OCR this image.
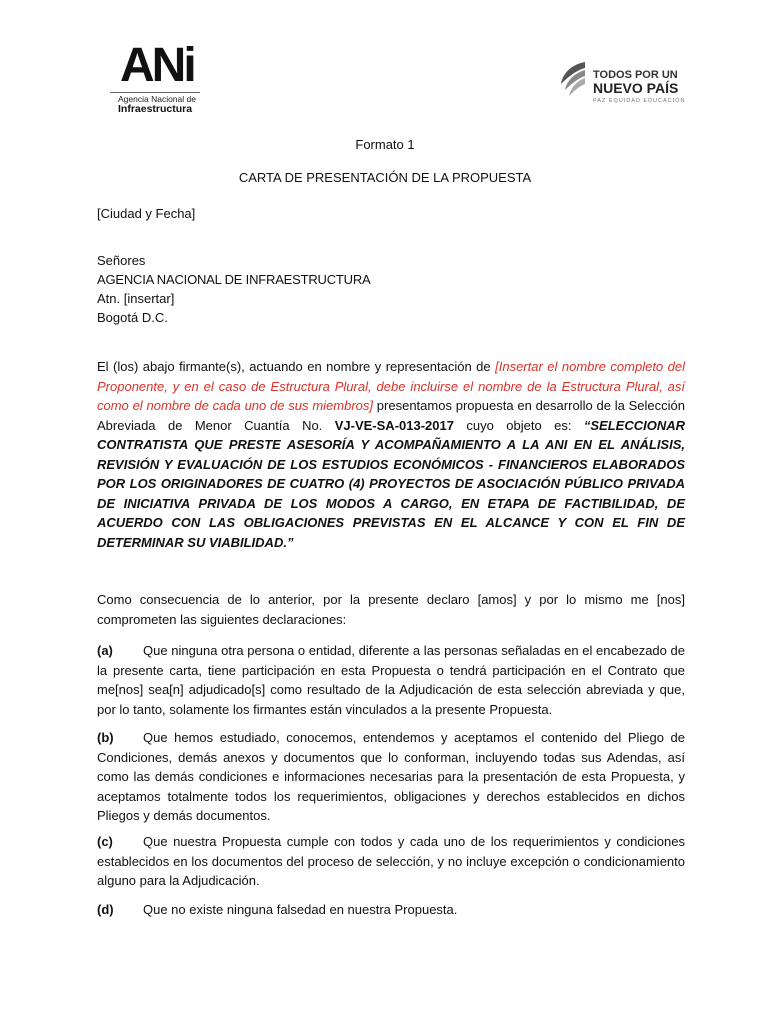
ANi
Agencia Nacional de
Infraestructura
TODOS POR UN
NUEVO PAÍS
PAZ EQUIDAD EDUCACIÓN
Formato 1
CARTA DE PRESENTACIÓN DE LA PROPUESTA
[Ciudad y Fecha]
Señores
AGENCIA NACIONAL DE INFRAESTRUCTURA
Atn. [insertar]
Bogotá D.C.
El (los) abajo firmante(s), actuando en nombre y representación de [Insertar el nombre completo del Proponente, y en el caso de Estructura Plural, debe incluirse el nombre de la Estructura Plural, así como el nombre de cada uno de sus miembros] presentamos propuesta en desarrollo de la Selección Abreviada de Menor Cuantía No. VJ-VE-SA-013-2017 cuyo objeto es: “SELECCIONAR CONTRATISTA QUE PRESTE ASESORÍA Y ACOMPAÑAMIENTO A LA ANI EN EL ANÁLISIS, REVISIÓN Y EVALUACIÓN DE LOS ESTUDIOS ECONÓMICOS - FINANCIEROS ELABORADOS POR LOS ORIGINADORES DE CUATRO (4) PROYECTOS DE ASOCIACIÓN PÚBLICO PRIVADA DE INICIATIVA PRIVADA DE LOS MODOS A CARGO, EN ETAPA DE FACTIBILIDAD, DE ACUERDO CON LAS OBLIGACIONES PREVISTAS EN EL ALCANCE Y CON EL FIN DE DETERMINAR SU VIABILIDAD.”
Como consecuencia de lo anterior, por la presente declaro [amos] y por lo mismo me [nos] comprometen las siguientes declaraciones:
(a) Que ninguna otra persona o entidad, diferente a las personas señaladas en el encabezado de la presente carta, tiene participación en esta Propuesta o tendrá participación en el Contrato que me[nos] sea[n] adjudicado[s] como resultado de la Adjudicación de esta selección abreviada y que, por lo tanto, solamente los firmantes están vinculados a la presente Propuesta.
(b) Que hemos estudiado, conocemos, entendemos y aceptamos el contenido del Pliego de Condiciones, demás anexos y documentos que lo conforman, incluyendo todas sus Adendas, así como las demás condiciones e informaciones necesarias para la presentación de esta Propuesta, y aceptamos totalmente todos los requerimientos, obligaciones y derechos establecidos en dichos Pliegos y demás documentos.
(c) Que nuestra Propuesta cumple con todos y cada uno de los requerimientos y condiciones establecidos en los documentos del proceso de selección, y no incluye excepción o condicionamiento alguno para la Adjudicación.
(d) Que no existe ninguna falsedad en nuestra Propuesta.
